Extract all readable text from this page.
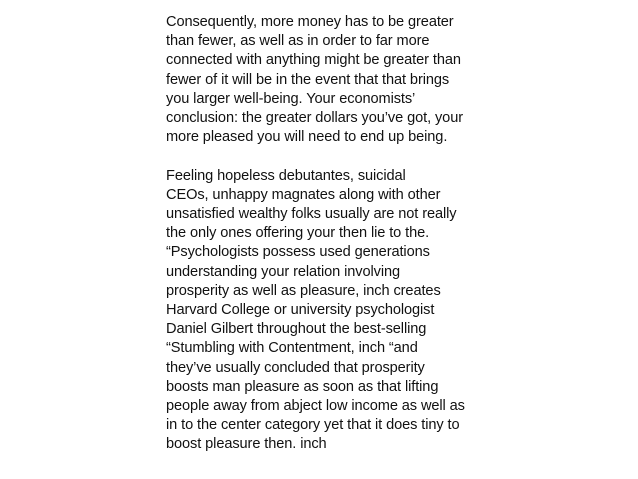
Consequently, more money has to be greater
than fewer, as well as in order to far more
connected with anything might be greater than
fewer of it will be in the event that that brings
you larger well-being. Your economists’
conclusion: the greater dollars you’ve got, your
more pleased you will need to end up being.
Feeling hopeless debutantes, suicidal
CEOs, unhappy magnates along with other
unsatisfied wealthy folks usually are not really
the only ones offering your then lie to the.
“Psychologists possess used generations
understanding your relation involving
prosperity as well as pleasure, inch creates
Harvard College or university psychologist
Daniel Gilbert throughout the best-selling
“Stumbling with Contentment, inch “and
they’ve usually concluded that prosperity
boosts man pleasure as soon as that lifting
people away from abject low income as well as
in to the center category yet that it does tiny to
boost pleasure then. inch
